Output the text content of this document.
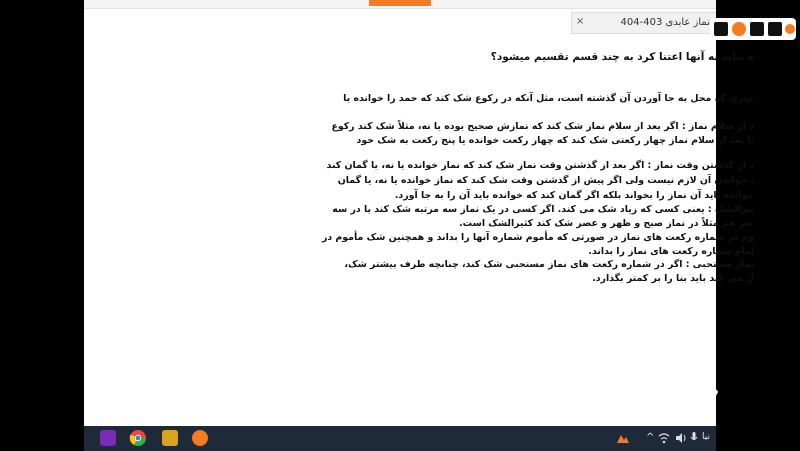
×	نماز عابدی 403-404
ه نباید به آنها اعتنا کرد به چند قسم تقسیم میشود؟
چیزی که محل به جا آوردن آن گذشته است، مثل آنکه در رکوع شک کند که حمد را خوانده یا
د از سلام نماز : اگر بعد از سلام نماز شک کند که نمازش صحیح بوده یا نه، مثلاً شک کند رکوع
یا بعد از سلام نماز چهار رکعتی شک کند که چهار رکعت خوانده یا پنج رکعت به شک خود
د از گذشتن وقت نماز : اگر بعد از گذشتن وقت نماز شک کند که نماز خوانده یا نه، یا گمان کند
، خواندن آن لازم نیست ولی اگر پیش از گذشتن وقت شک کند که نماز خوانده یا نه، یا گمان
خوانده باید آن نماز را بخواند بلکه اگر گمان کند که خوانده باید آن را به جا آورد.
ثیرالشک : یعنی کسی که زیاد شک می کند. اگر کسی در یک نماز سه مرتبه شک کند یا در سه
سر هم مثلاً در نماز صبح و ظهر و عصر شک کند کثیرالشک است.
وم در شماره رکعت های نماز در صورتی که مأموم شماره آنها را بداند و همچنین شک مأموم در
امام شماره رکعت های نماز را بداند.
نماز مستحبی : اگر در شماره رکعت های نماز مستحبی شک کند، چنانچه طرف بیشتر شک،
ل می کند باید بنا را بر کمتر بگذارد.
^	نیا
